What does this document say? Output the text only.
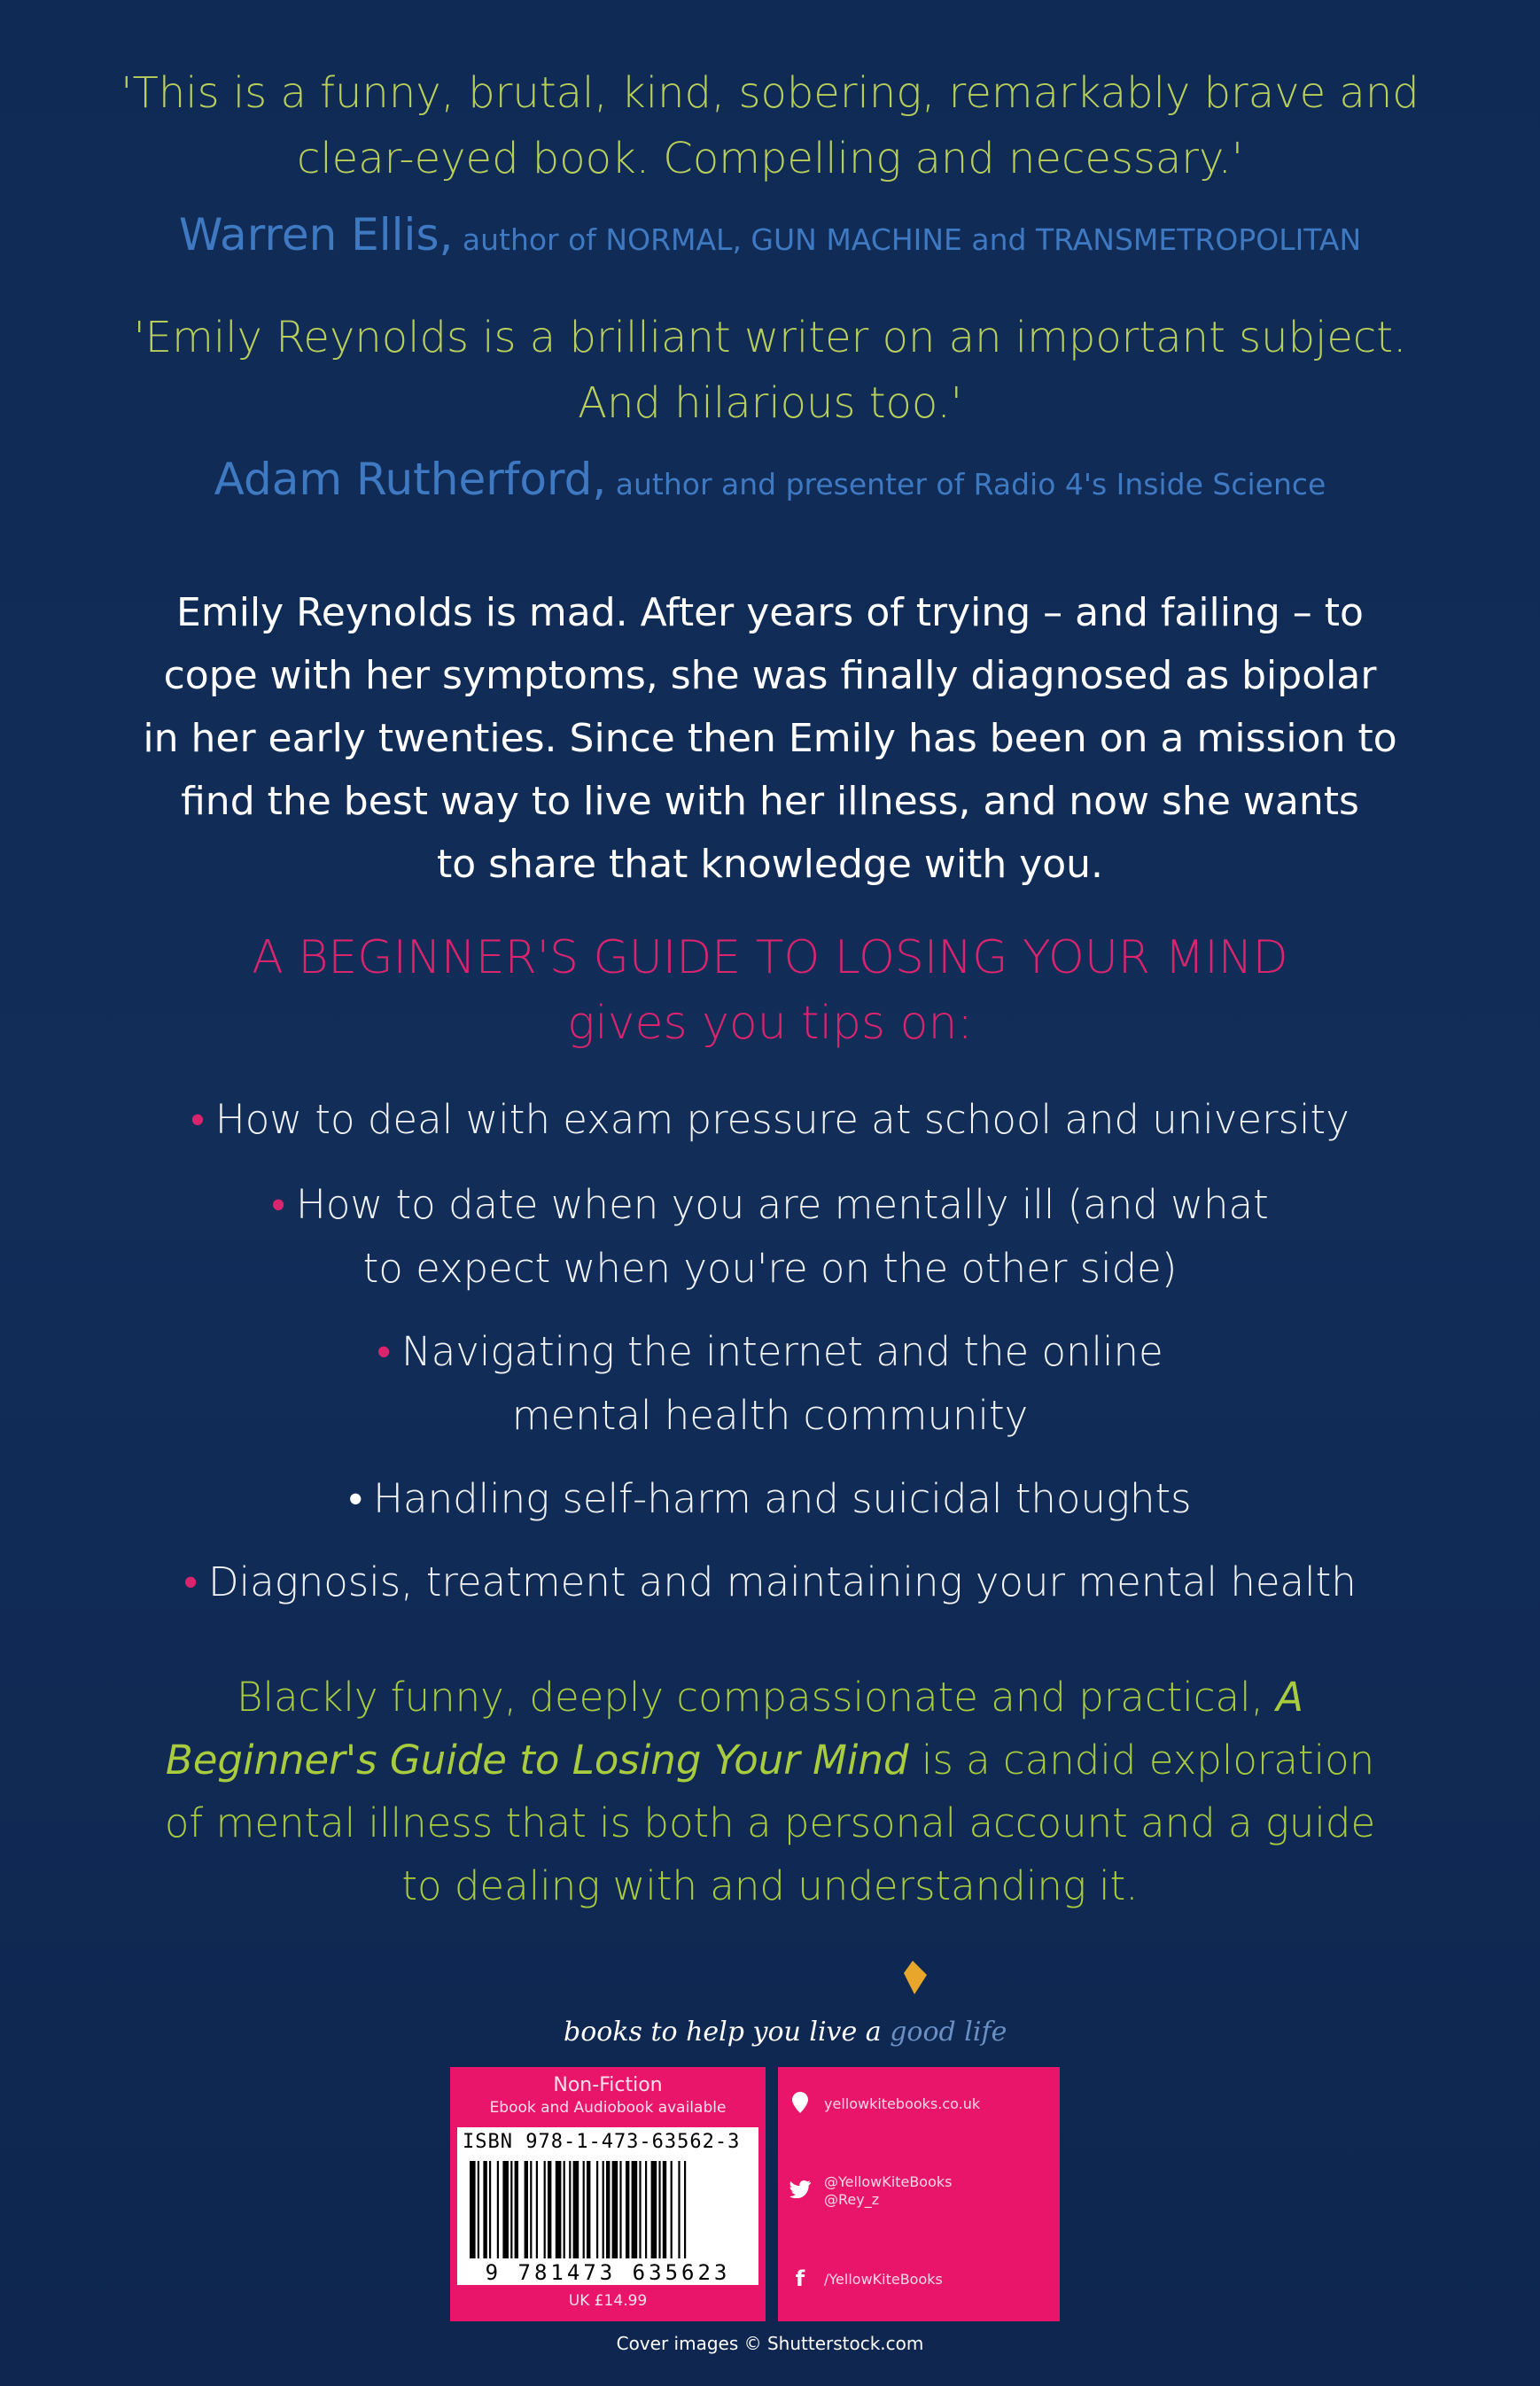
'This is a funny, brutal, kind, sobering, remarkably brave and
clear-eyed book. Compelling and necessary.'
Warren Ellis, author of NORMAL, GUN MACHINE and TRANSMETROPOLITAN
'Emily Reynolds is a brilliant writer on an important subject.
And hilarious too.'
Adam Rutherford, author and presenter of Radio 4's Inside Science
Emily Reynolds is mad. After years of trying – and failing – to
cope with her symptoms, she was finally diagnosed as bipolar
in her early twenties. Since then Emily has been on a mission to
find the best way to live with her illness, and now she wants
to share that knowledge with you.
A BEGINNER'S GUIDE TO LOSING YOUR MIND
gives you tips on:
• How to deal with exam pressure at school and university
• How to date when you are mentally ill (and what
to expect when you're on the other side)
• Navigating the internet and the online
mental health community
• Handling self-harm and suicidal thoughts
• Diagnosis, treatment and maintaining your mental health
Blackly funny, deeply compassionate and practical, A
Beginner's Guide to Losing Your Mind is a candid exploration
of mental illness that is both a personal account and a guide
to dealing with and understanding it.
books to help you live a good life
Non-Fiction
Ebook and Audiobook available
ISBN 978-1-473-63562-3
9 781473 635623
UK £14.99
yellowkitebooks.co.uk
@YellowKiteBooks
@Rey_z
f	/YellowKiteBooks
Cover images © Shutterstock.com
